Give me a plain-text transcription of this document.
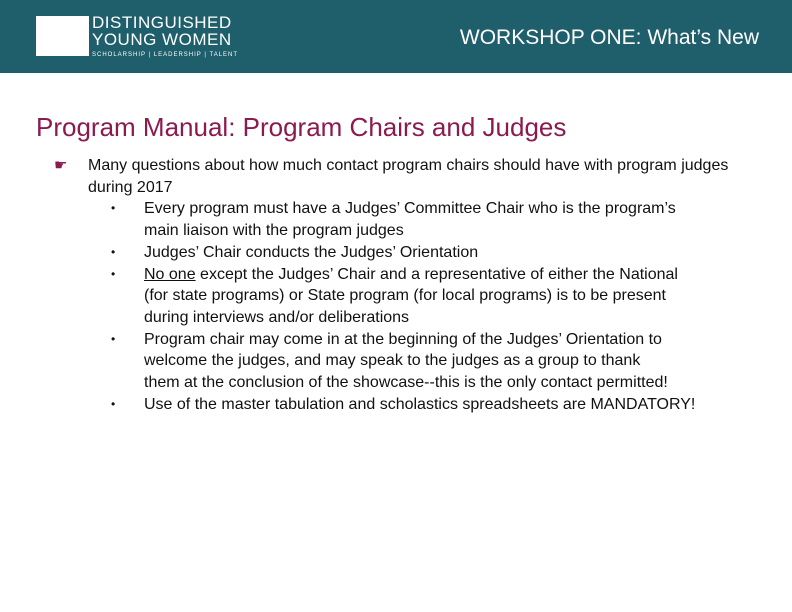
DISTINGUISHED
YOUNG WOMEN
SCHOLARSHIP | LEADERSHIP | TALENT
WORKSHOP ONE: What’s New
Program Manual: Program Chairs and Judges
☛ Many questions about how much contact program chairs should have with program judges during 2017
• Every program must have a Judges’ Committee Chair who is the program’s main liaison with the program judges
• Judges’ Chair conducts the Judges’ Orientation
• No one except the Judges’ Chair and a representative of either the National (for state programs) or State program (for local programs) is to be present during interviews and/or deliberations
• Program chair may come in at the beginning of the Judges’ Orientation to welcome the judges, and may speak to the judges as a group to thank
them at the conclusion of the showcase--this is the only contact permitted!
• Use of the master tabulation and scholastics spreadsheets are MANDATORY!
